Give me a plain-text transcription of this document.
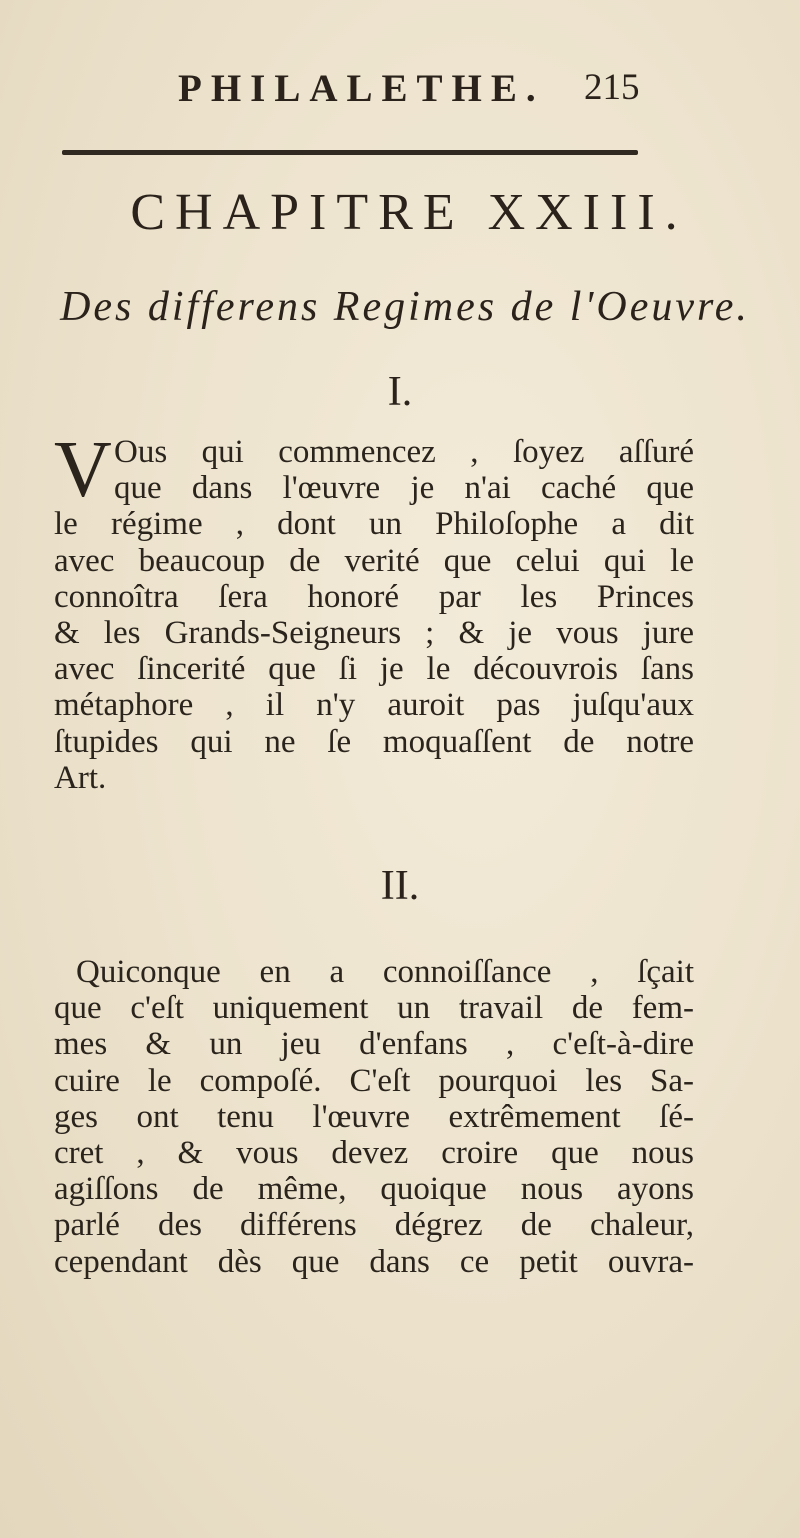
PHILALETHE. 215
CHAPITRE XXIII.
Des differens Regimes de l'Oeuvre.
I.
V Ous qui commencez , ſoyez aſſuré
que dans l'œuvre je n'ai caché que
le régime , dont un Philoſophe a dit
avec beaucoup de verité que celui qui le
connoîtra ſera honoré par les Princes
& les Grands-Seigneurs ; & je vous jure
avec ſincerité que ſi je le découvrois ſans
métaphore , il n'y auroit pas juſqu'aux
ſtupides qui ne ſe moquaſſent de notre
Art.
II.
Quiconque en a connoiſſance , ſçait
que c'eſt uniquement un travail de fem-
mes & un jeu d'enfans , c'eſt-à-dire
cuire le compoſé. C'eſt pourquoi les Sa-
ges ont tenu l'œuvre extrêmement ſé-
cret , & vous devez croire que nous
agiſſons de même, quoique nous ayons
parlé des différens dégrez de chaleur,
cependant dès que dans ce petit ouvra-
